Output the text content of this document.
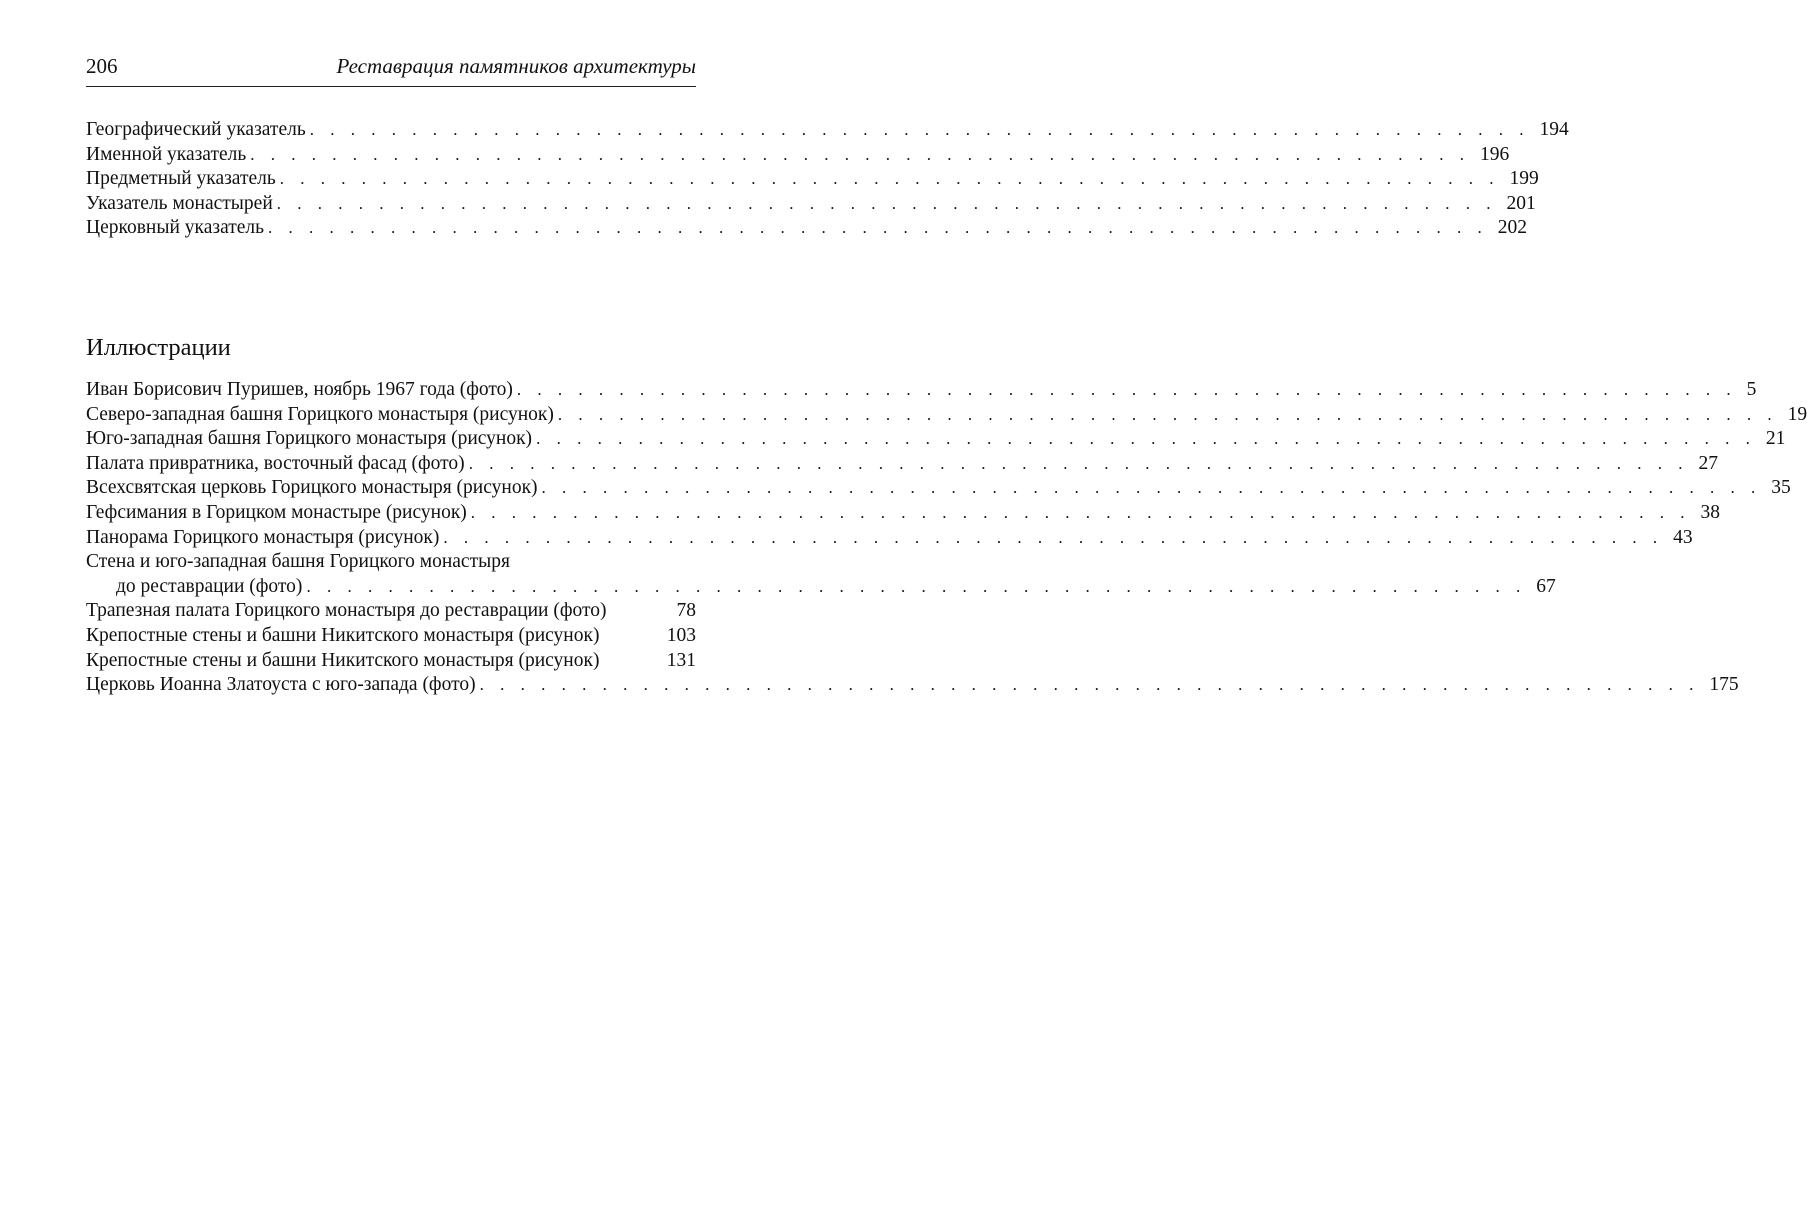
206	Реставрация памятников архитектуры
Географический указатель . . . . . . . . . . . . . . . . . . . . . . . . . . . . . . . . . . . . . . . . . . . . . . . . . . . . . . . . . . . . 194
Именной указатель . . . . . . . . . . . . . . . . . . . . . . . . . . . . . . . . . . . . . . . . . . . . . . . . . . . . . . . . . . . . 196
Предметный указатель . . . . . . . . . . . . . . . . . . . . . . . . . . . . . . . . . . . . . . . . . . . . . . . . . . . . . . . . . . . . 199
Указатель монастырей . . . . . . . . . . . . . . . . . . . . . . . . . . . . . . . . . . . . . . . . . . . . . . . . . . . . . . . . . . . . 201
Церковный указатель . . . . . . . . . . . . . . . . . . . . . . . . . . . . . . . . . . . . . . . . . . . . . . . . . . . . . . . . . . . . 202
Иллюстрации
Иван Борисович Пуришев, ноябрь 1967 года (фото) . . . . . . . . . . . . . . . . . . . . . . . . . . . . . . . . . . . . . . . . . . . . . . . . . . . . . . . . . . . . 5
Северо-западная башня Горицкого монастыря (рисунок) . . . . . . . . . . . . . . . . . . . . . . . . . . . . . . . . . . . . . . . . . . . . . . . . . . . . . . . . . . . . 19
Юго-западная башня Горицкого монастыря (рисунок) . . . . . . . . . . . . . . . . . . . . . . . . . . . . . . . . . . . . . . . . . . . . . . . . . . . . . . . . . . . . 21
Палата привратника, восточный фасад (фото) . . . . . . . . . . . . . . . . . . . . . . . . . . . . . . . . . . . . . . . . . . . . . . . . . . . . . . . . . . . . 27
Всехсвятская церковь Горицкого монастыря (рисунок) . . . . . . . . . . . . . . . . . . . . . . . . . . . . . . . . . . . . . . . . . . . . . . . . . . . . . . . . . . . . 35
Гефсимания в Горицком монастыре (рисунок) . . . . . . . . . . . . . . . . . . . . . . . . . . . . . . . . . . . . . . . . . . . . . . . . . . . . . . . . . . . . 38
Панорама Горицкого монастыря (рисунок) . . . . . . . . . . . . . . . . . . . . . . . . . . . . . . . . . . . . . . . . . . . . . . . . . . . . . . . . . . . . 43
Стена и юго-западная башня Горицкого монастыря
до реставрации (фото) . . . . . . . . . . . . . . . . . . . . . . . . . . . . . . . . . . . . . . . . . . . . . . . . . . . . . . . . . . . . 67
Трапезная палата Горицкого монастыря до реставрации (фото)	78
Крепостные стены и башни Никитского монастыря (рисунок)	103
Крепостные стены и башни Никитского монастыря (рисунок)	131
Церковь Иоанна Златоуста с юго-запада (фото) . . . . . . . . . . . . . . . . . . . . . . . . . . . . . . . . . . . . . . . . . . . . . . . . . . . . . . . . . . . . 175
